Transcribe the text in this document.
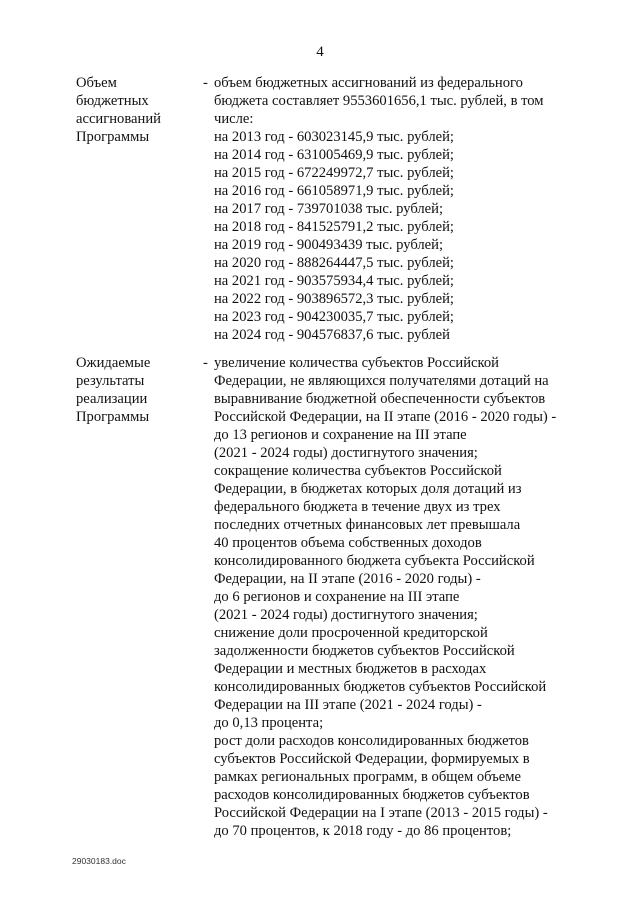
4
Объем
бюджетных
ассигнований
Программы
- объем бюджетных ассигнований из федерального
бюджета составляет 9553601656,1 тыс. рублей, в том
числе:
на 2013 год - 603023145,9 тыс. рублей;
на 2014 год - 631005469,9 тыс. рублей;
на 2015 год - 672249972,7 тыс. рублей;
на 2016 год - 661058971,9 тыс. рублей;
на 2017 год - 739701038 тыс. рублей;
на 2018 год - 841525791,2 тыс. рублей;
на 2019 год - 900493439 тыс. рублей;
на 2020 год - 888264447,5 тыс. рублей;
на 2021 год - 903575934,4 тыс. рублей;
на 2022 год - 903896572,3 тыс. рублей;
на 2023 год - 904230035,7 тыс. рублей;
на 2024 год - 904576837,6 тыс. рублей
Ожидаемые
результаты
реализации
Программы
- увеличение количества субъектов Российской
Федерации, не являющихся получателями дотаций на
выравнивание бюджетной обеспеченности субъектов
Российской Федерации, на II этапе (2016 - 2020 годы) -
до 13 регионов и сохранение на III этапе
(2021 - 2024 годы) достигнутого значения;
сокращение количества субъектов Российской
Федерации, в бюджетах которых доля дотаций из
федерального бюджета в течение двух из трех
последних отчетных финансовых лет превышала
40 процентов объема собственных доходов
консолидированного бюджета субъекта Российской
Федерации, на II этапе (2016 - 2020 годы) -
до 6 регионов и сохранение на III этапе
(2021 - 2024 годы) достигнутого значения;
снижение доли просроченной кредиторской
задолженности бюджетов субъектов Российской
Федерации и местных бюджетов в расходах
консолидированных бюджетов субъектов Российской
Федерации на III этапе (2021 - 2024 годы) -
до 0,13 процента;
рост доли расходов консолидированных бюджетов
субъектов Российской Федерации, формируемых в
рамках региональных программ, в общем объеме
расходов консолидированных бюджетов субъектов
Российской Федерации на I этапе (2013 - 2015 годы) -
до 70 процентов, к 2018 году - до 86 процентов;
29030183.doc
